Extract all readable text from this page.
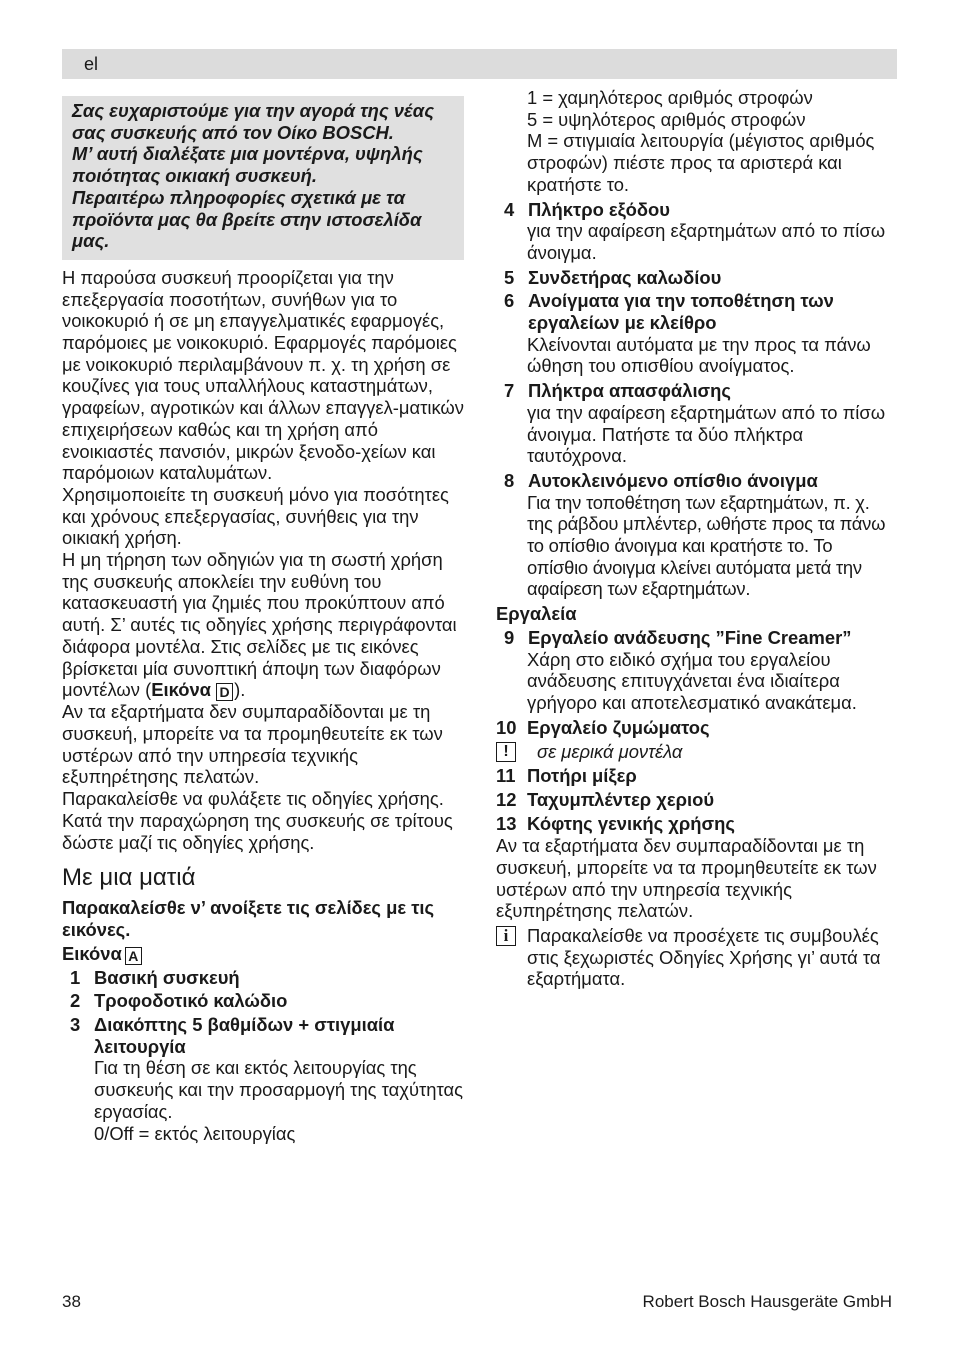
el

Σας ευχαριστούμε για την αγορά της νέας σας συσκευής από τον Οίκο BOSCH.

Μ’ αυτή διαλέξατε μια μοντέρνα, υψηλής ποιότητας οικιακή συσκευή.

Περαιτέρω πληροφορίες σχετικά με τα προϊόντα μας θα βρείτε στην ιστοσελίδα μας.

Η παρούσα συσκευή προορίζεται για την επεξεργασία ποσοτήτων, συνήθων για το νοικοκυριό ή σε μη επαγγελματικές εφαρμογές, παρόμοιες με νοικοκυριό. Εφαρμογές παρόμοιες με νοικοκυριό περιλαμβάνουν π. χ. τη χρήση σε κουζίνες για τους υπαλλήλους καταστημάτων, γραφείων, αγροτικών και άλλων επαγγελ-ματικών επιχειρήσεων καθώς και τη χρήση από ενοικιαστές πανσιόν, μικρών ξενοδο-χείων και παρόμοιων καταλυμάτων.

Χρησιμοποιείτε τη συσκευή μόνο για ποσότητες και χρόνους επεξεργασίας, συνήθεις για την οικιακή χρήση.

Η μη τήρηση των οδηγιών για τη σωστή χρήση της συσκευής αποκλείει την ευθύνη του κατασκευαστή για ζημιές που προκύπτουν από αυτή. Σ’ αυτές τις οδηγίες χρήσης περιγράφονται διάφορα μοντέλα. Στις σελίδες με τις εικόνες βρίσκεται μία συνοπτική άποψη των διαφόρων μοντέλων (Εικόνα D ).

Αν τα εξαρτήματα δεν συμπαραδίδονται με τη συσκευή, μπορείτε να τα προμηθευτείτε εκ των υστέρων από την υπηρεσία τεχνικής εξυπηρέτησης πελατών.

Παρακαλείσθε να φυλάξετε τις οδηγίες χρήσης. Κατά την παραχώρηση της συσκευής σε τρίτους δώστε μαζί τις οδηγίες χρήσης.

Με μια ματιά

Παρακαλείσθε ν’ ανοίξετε τις σελίδες με τις εικόνες.

Εικόνα A

1 Βασική συσκευή
2 Τροφοδοτικό καλώδιο
3 Διακόπτης 5 βαθμίδων + στιγμιαία λειτουργία

Για τη θέση σε και εκτός λειτουργίας της συσκευής και την προσαρμογή της ταχύτητας εργασίας.

0/Off = εκτός λειτουργίας

1 = χαμηλότερος αριθμός στροφών

5 = υψηλότερος αριθμός στροφών

M = στιγμιαία λειτουργία (μέγιστος αριθμός στροφών) πιέστε προς τα αριστερά και κρατήστε το.

4 Πλήκτρο εξόδου

για την αφαίρεση εξαρτημάτων από το πίσω άνοιγμα.

5 Συνδετήρας καλωδίου
6 Ανοίγματα για την τοποθέτηση των εργαλείων με κλείθρο

Κλείνονται αυτόματα με την προς τα πάνω ώθηση του οπισθίου ανοίγματος.

7 Πλήκτρα απασφάλισης

για την αφαίρεση εξαρτημάτων από το πίσω άνοιγμα. Πατήστε τα δύο πλήκτρα ταυτόχρονα.

8 Αυτοκλεινόμενο οπίσθιο άνοιγμα

Για την τοποθέτηση των εξαρτημάτων, π. χ. της ράβδου μπλέντερ, ωθήστε προς τα πάνω το οπίσθιο άνοιγμα και κρατήστε το. Το οπίσθιο άνοιγμα κλείνει αυτόματα μετά την αφαίρεση των εξαρτημάτων.

Εργαλεία

9 Εργαλείο ανάδευσης ”Fine Creamer”

Χάρη στο ειδικό σχήμα του εργαλείου ανάδευσης επιτυγχάνεται ένα ιδιαίτερα γρήγορο και αποτελεσματικό ανακάτεμα.

10 Εργαλείο ζυμώματος
!	σε μερικά μοντέλα
11 Ποτήρι μίξερ
12 Ταχυμπλέντερ χεριού
13 Κόφτης γενικής χρήσης

Αν τα εξαρτήματα δεν συμπαραδίδονται με τη συσκευή, μπορείτε να τα προμηθευτείτε εκ των υστέρων από την υπηρεσία τεχνικής εξυπηρέτησης πελατών.

i	Παρακαλείσθε να προσέχετε τις συμβουλές στις ξεχωριστές Οδηγίες Χρήσης γι’ αυτά τα εξαρτήματα.
38	Robert Bosch Hausgeräte GmbH
